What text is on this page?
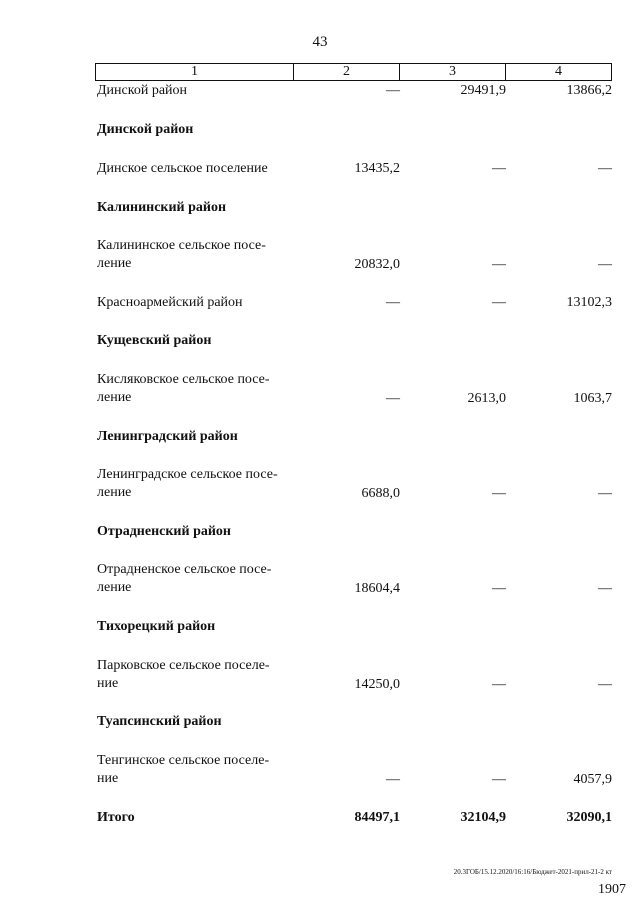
43
1	2	3	4
Динской район	—	29491,9	13866,2
Динской район
Динское сельское поселение	13435,2	—	—
Калининский район
Калининское сельское посе-
ление	20832,0	—	—
Красноармейский район	—	—	13102,3
Кущевский район
Кисляковское сельское посе-
ление	—	2613,0	1063,7
Ленинградский район
Ленинградское сельское посе-
ление	6688,0	—	—
Отрадненский район
Отрадненское сельское посе-
ление	18604,4	—	—
Тихорецкий район
Парковское сельское поселе-
ние	14250,0	—	—
Туапсинский район
Тенгинское сельское поселе-
ние	—	—	4057,9
Итого	84497,1	32104,9	32090,1
20.3ГОБ/15.12.2020/16:16/Бюджет-2021-прил-21-2 кт
1907
